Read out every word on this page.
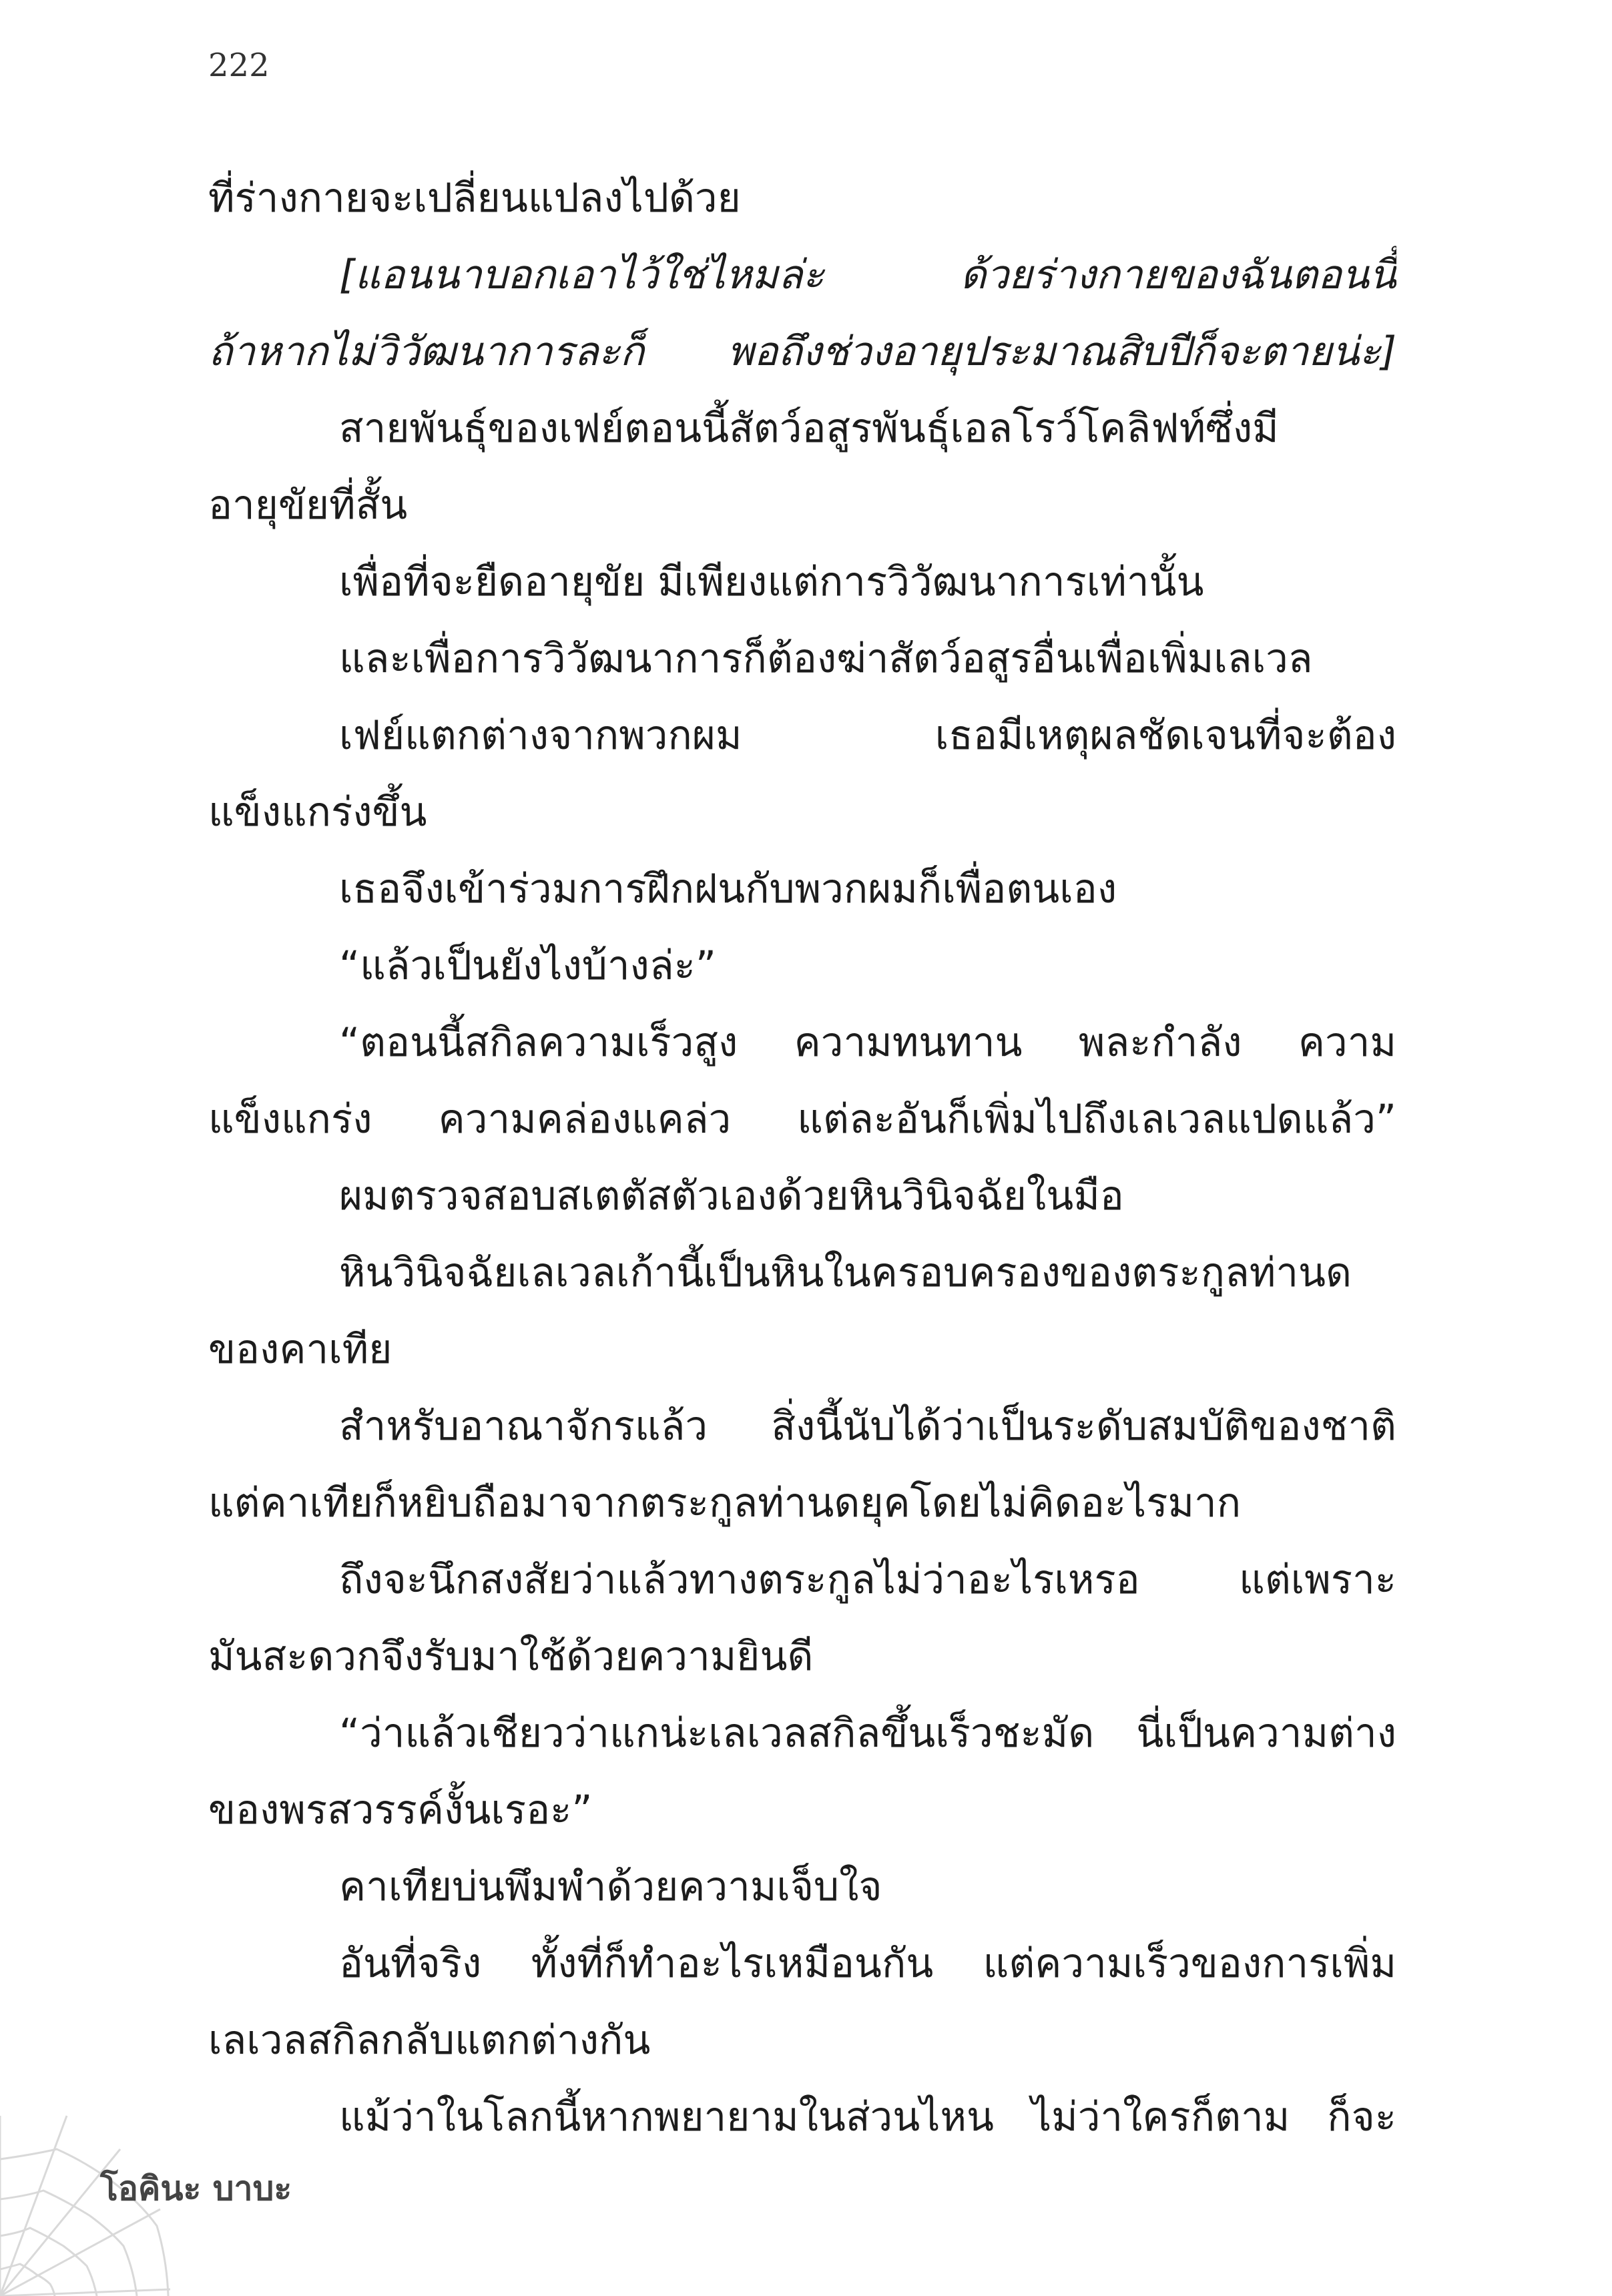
222
ที่ร่างกายจะเปลี่ยนแปลงไปด้วย
[แอนนาบอกเอาไว้ใช่ไหมล่ะ ด้วยร่างกายของฉันตอนนี้
ถ้าหากไม่วิวัฒนาการละก็ พอถึงช่วงอายุประมาณสิบปีก็จะตายน่ะ]
สายพันธุ์ของเฟย์ตอนนี้สัตว์อสูรพันธุ์เอลโรว์โคลิฟท์ซึ่งมี
อายุขัยที่สั้น
เพื่อที่จะยืดอายุขัย มีเพียงแต่การวิวัฒนาการเท่านั้น
และเพื่อการวิวัฒนาการก็ต้องฆ่าสัตว์อสูรอื่นเพื่อเพิ่มเลเวล
เฟย์แตกต่างจากพวกผม เธอมีเหตุผลชัดเจนที่จะต้อง
แข็งแกร่งขึ้น
เธอจึงเข้าร่วมการฝึกฝนกับพวกผมก็เพื่อตนเอง
“แล้วเป็นยังไงบ้างล่ะ”
“ตอนนี้สกิลความเร็วสูง ความทนทาน พละกำลัง ความ
แข็งแกร่ง ความคล่องแคล่ว แต่ละอันก็เพิ่มไปถึงเลเวลแปดแล้ว”
ผมตรวจสอบสเตตัสตัวเองด้วยหินวินิจฉัยในมือ
หินวินิจฉัยเลเวลเก้านี้เป็นหินในครอบครองของตระกูลท่านด
ของคาเทีย
สำหรับอาณาจักรแล้ว สิ่งนี้นับได้ว่าเป็นระดับสมบัติของชาติ
แต่คาเทียก็หยิบถือมาจากตระกูลท่านดยุคโดยไม่คิดอะไรมาก
ถึงจะนึกสงสัยว่าแล้วทางตระกูลไม่ว่าอะไรเหรอ แต่เพราะ
มันสะดวกจึงรับมาใช้ด้วยความยินดี
“ว่าแล้วเชียวว่าแกน่ะเลเวลสกิลขึ้นเร็วชะมัด นี่เป็นความต่าง
ของพรสวรรค์งั้นเรอะ”
คาเทียบ่นพึมพำด้วยความเจ็บใจ
อันที่จริง ทั้งที่ก็ทำอะไรเหมือนกัน แต่ความเร็วของการเพิ่ม
เลเวลสกิลกลับแตกต่างกัน
แม้ว่าในโลกนี้หากพยายามในส่วนไหน ไม่ว่าใครก็ตาม ก็จะ
โอคินะ บาบะ
